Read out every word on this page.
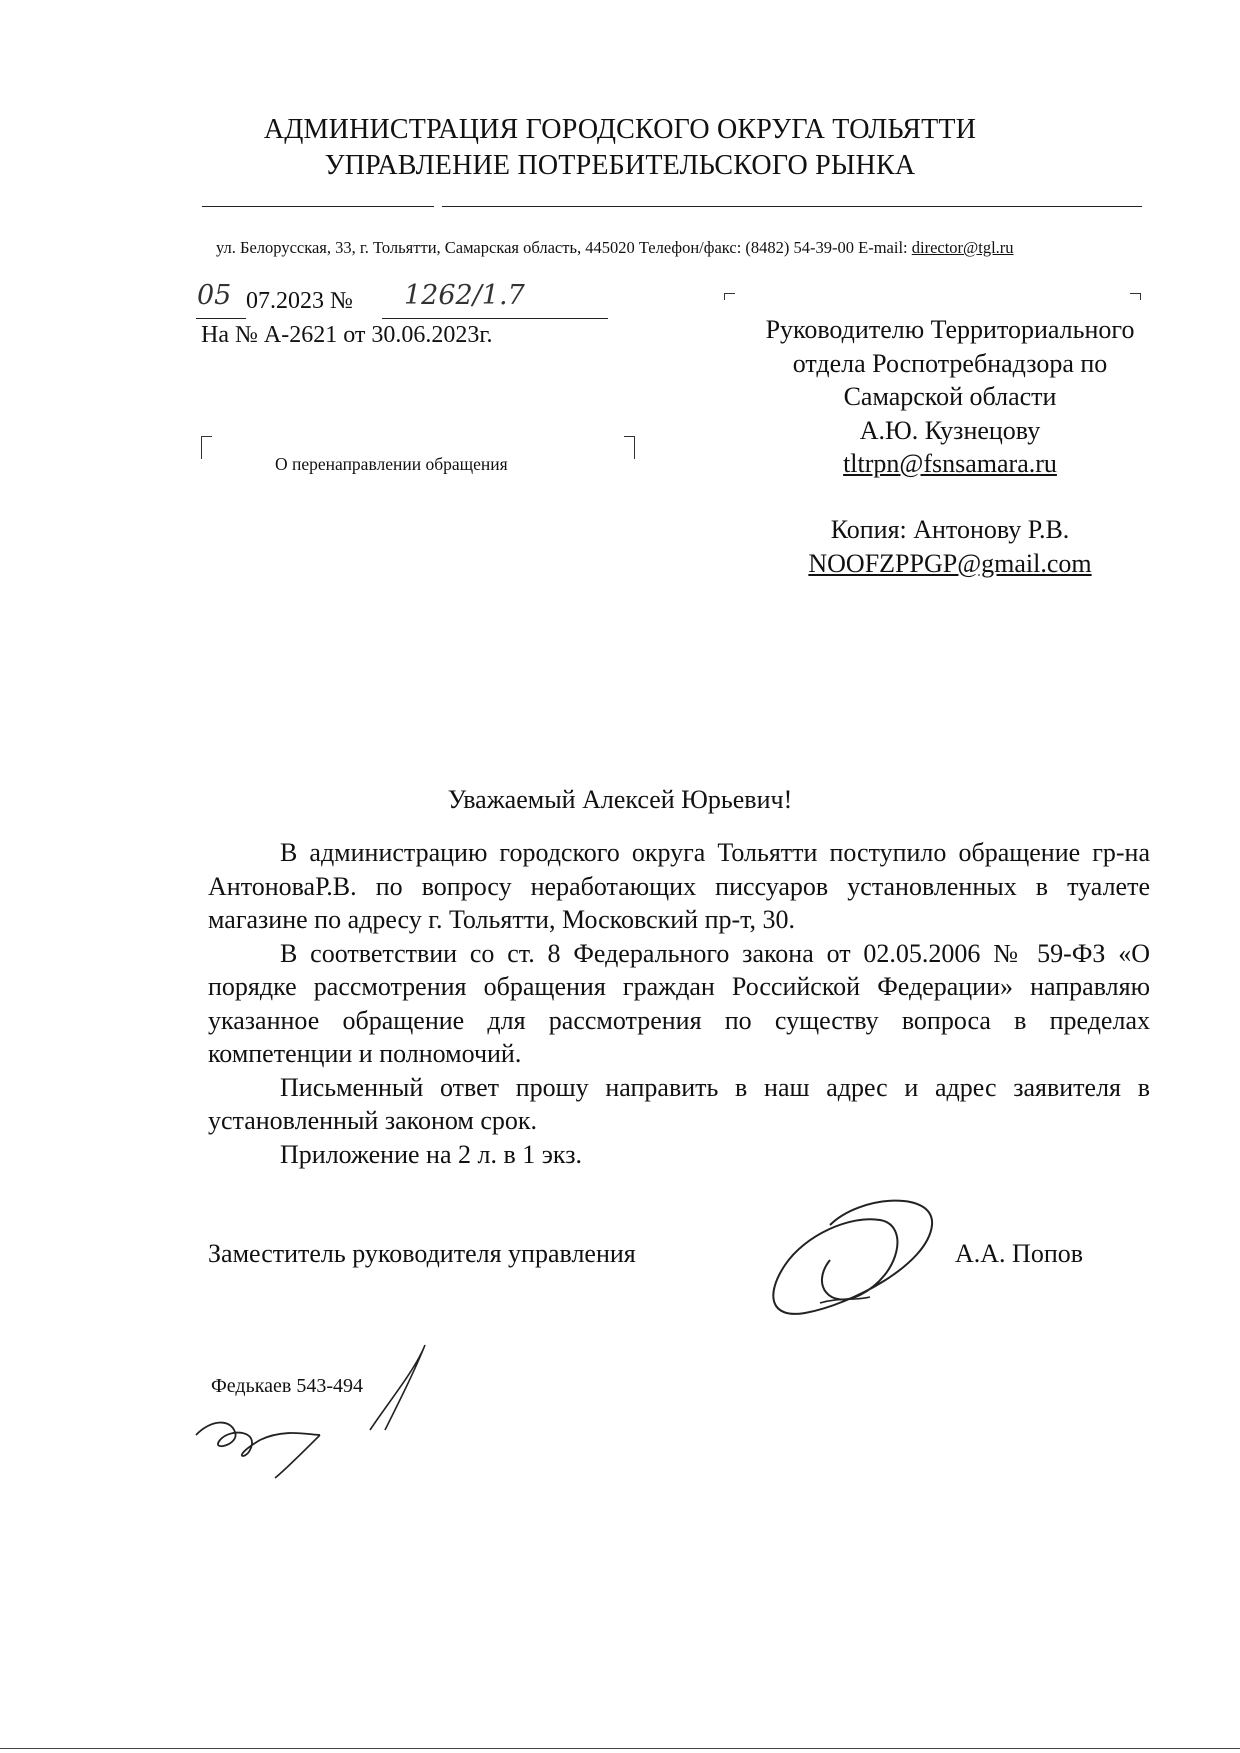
АДМИНИСТРАЦИЯ ГОРОДСКОГО ОКРУГА ТОЛЬЯТТИ
УПРАВЛЕНИЕ ПОТРЕБИТЕЛЬСКОГО РЫНКА
ул. Белорусская, 33, г. Тольятти, Самарская область, 445020 Телефон/факс: (8482) 54-39-00 E-mail: director@tgl.ru
05 07.2023 № 1262/1.7
На № А-2621 от 30.06.2023г.
О перенаправлении обращения
Руководителю Территориального
отдела Роспотребнадзора по
Самарской области
А.Ю. Кузнецову
tltrpn@fsnsamara.ru
Копия: Антонову Р.В.
NOOFZPPGP@gmail.com
Уважаемый Алексей Юрьевич!

В администрацию городского округа Тольятти поступило обращение гр-на АнтоноваР.В. по вопросу неработающих писсуаров установленных в туалете магазине по адресу г. Тольятти, Московский пр-т, 30.

В соответствии со ст. 8 Федерального закона от 02.05.2006 № 59-ФЗ «О порядке рассмотрения обращения граждан Российской Федерации» направляю указанное обращение для рассмотрения по существу вопроса в пределах компетенции и полномочий.

Письменный ответ прошу направить в наш адрес и адрес заявителя в установленный законом срок.

Приложение на 2 л. в 1 экз.

Заместитель руководителя управления	А.А. Попов
Федькаев 543-494
